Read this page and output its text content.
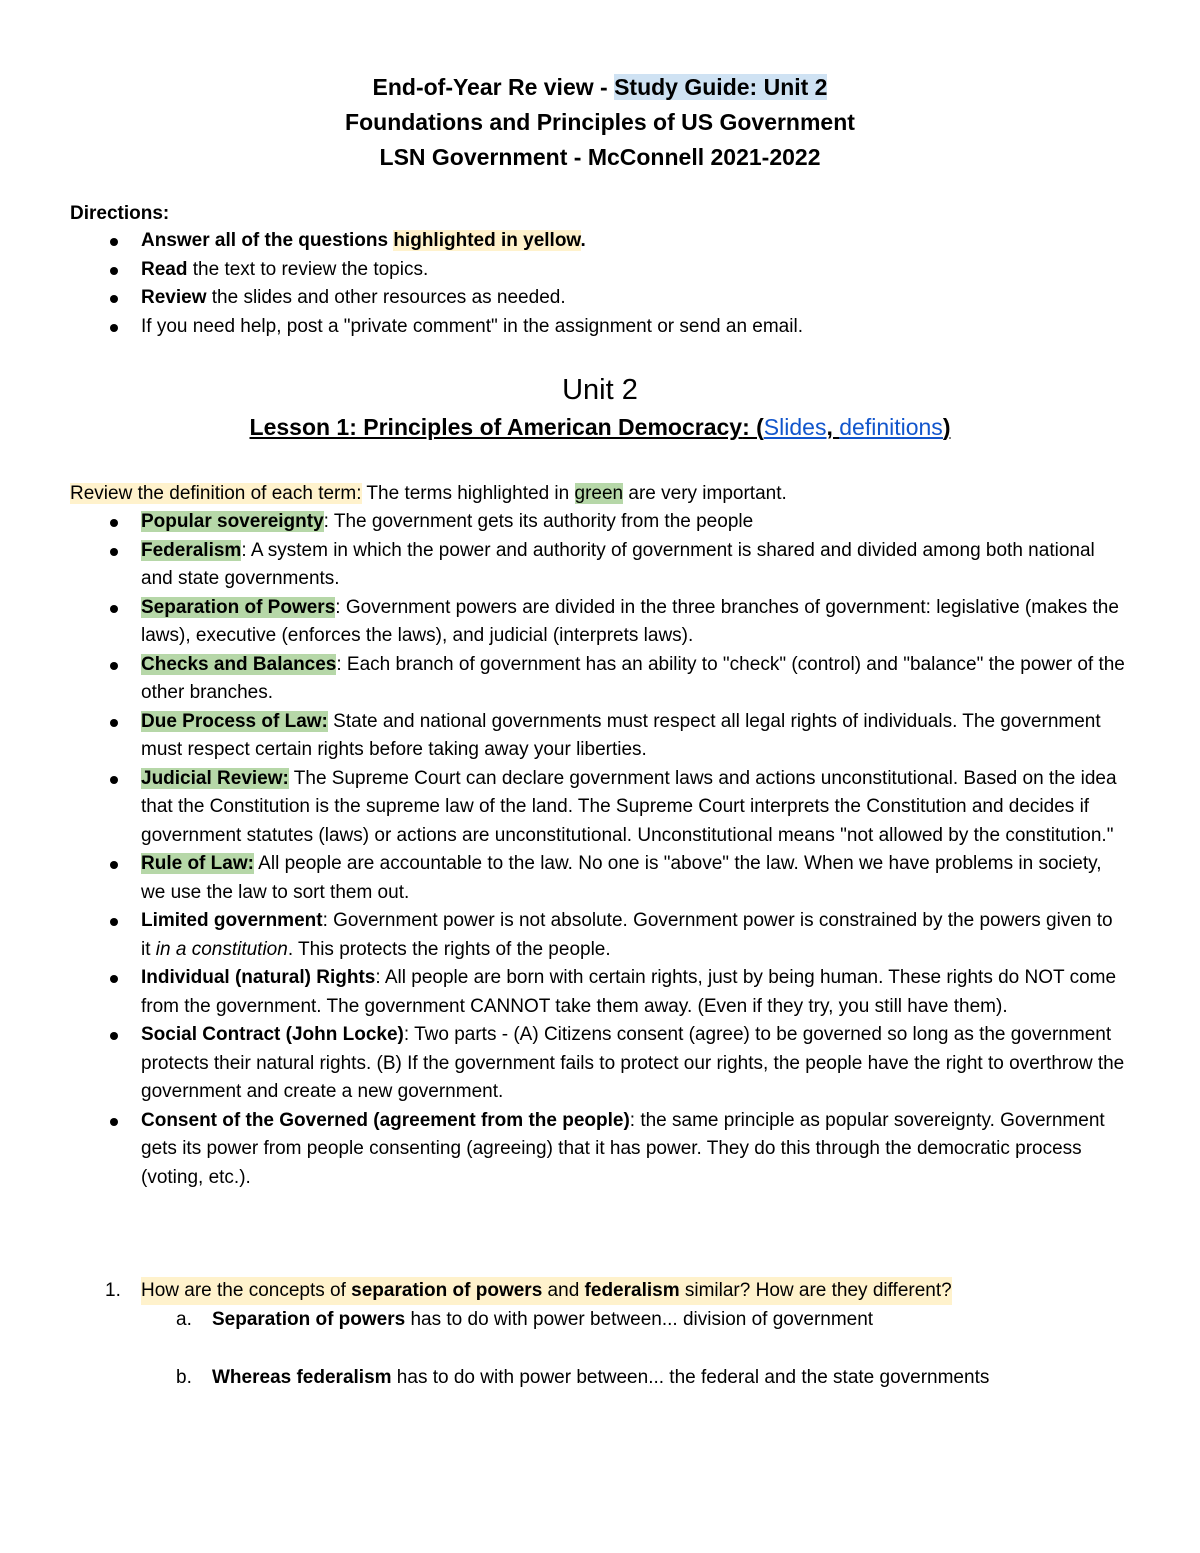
End-of-Year Re view - Study Guide: Unit 2
Foundations and Principles of US Government
LSN Government - McConnell 2021-2022
Directions:
Answer all of the questions highlighted in yellow.
Read the text to review the topics.
Review the slides and other resources as needed.
If you need help, post a "private comment" in the assignment or send an email.
Unit 2
Lesson 1: Principles of American Democracy: (Slides, definitions)
Review the definition of each term: The terms highlighted in green are very important.
Popular sovereignty: The government gets its authority from the people
Federalism: A system in which the power and authority of government is shared and divided among both national and state governments.
Separation of Powers: Government powers are divided in the three branches of government: legislative (makes the laws), executive (enforces the laws), and judicial (interprets laws).
Checks and Balances: Each branch of government has an ability to "check" (control) and "balance" the power of the other branches.
Due Process of Law: State and national governments must respect all legal rights of individuals. The government must respect certain rights before taking away your liberties.
Judicial Review: The Supreme Court can declare government laws and actions unconstitutional. Based on the idea that the Constitution is the supreme law of the land. The Supreme Court interprets the Constitution and decides if government statutes (laws) or actions are unconstitutional. Unconstitutional means "not allowed by the constitution."
Rule of Law: All people are accountable to the law. No one is "above" the law. When we have problems in society, we use the law to sort them out.
Limited government: Government power is not absolute. Government power is constrained by the powers given to it in a constitution. This protects the rights of the people.
Individual (natural) Rights: All people are born with certain rights, just by being human. These rights do NOT come from the government. The government CANNOT take them away. (Even if they try, you still have them).
Social Contract (John Locke): Two parts - (A) Citizens consent (agree) to be governed so long as the government protects their natural rights. (B) If the government fails to protect our rights, the people have the right to overthrow the government and create a new government.
Consent of the Governed (agreement from the people): the same principle as popular sovereignty. Government gets its power from people consenting (agreeing) that it has power. They do this through the democratic process (voting, etc.).
1. How are the concepts of separation of powers and federalism similar? How are they different?
a. Separation of powers has to do with power between... division of government
b. Whereas federalism has to do with power between... the federal and the state governments
